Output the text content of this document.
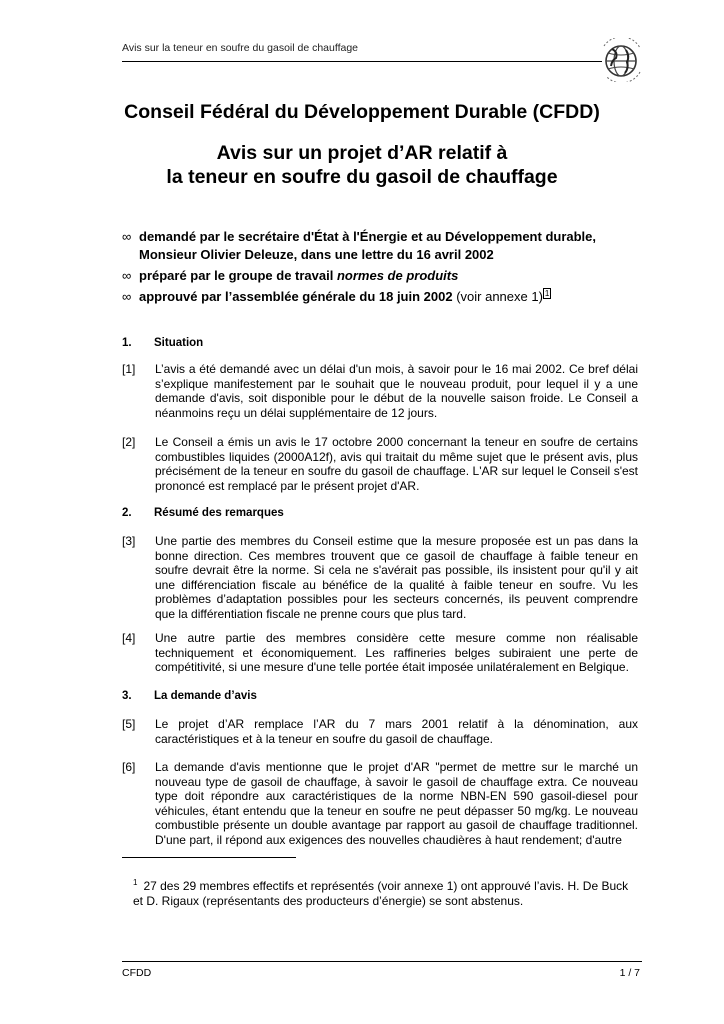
Avis sur la teneur en soufre du gasoil de chauffage
Conseil Fédéral du Développement Durable (CFDD)
Avis sur un projet d’AR relatif à
la teneur en soufre du gasoil de chauffage
∞ demandé par le secrétaire d'État à l'Énergie et au Développement durable,
Monsieur Olivier Deleuze, dans une lettre du 16 avril 2002
∞ préparé par le groupe de travail normes de produits
∞ approuvé par l’assemblée générale du 18 juin 2002 (voir annexe 1) 1
1. Situation
[1] L’avis a été demandé avec un délai d'un mois, à savoir pour le 16 mai 2002. Ce bref délai s’explique manifestement par le souhait que le nouveau produit, pour lequel il y a une demande d'avis, soit disponible pour le début de la nouvelle saison froide. Le Conseil a néanmoins reçu un délai supplémentaire de 12 jours.
[2] Le Conseil a émis un avis le 17 octobre 2000 concernant la teneur en soufre de certains combustibles liquides (2000A12f), avis qui traitait du même sujet que le présent avis, plus précisément de la teneur en soufre du gasoil de chauffage. L'AR sur lequel le Conseil s'est prononcé est remplacé par le présent projet d'AR.
2. Résumé des remarques
[3] Une partie des membres du Conseil estime que la mesure proposée est un pas dans la bonne direction. Ces membres trouvent que ce gasoil de chauffage à faible teneur en soufre devrait être la norme. Si cela ne s'avérait pas possible, ils insistent pour qu'il y ait une différenciation fiscale au bénéfice de la qualité à faible teneur en soufre. Vu les problèmes d’adaptation possibles pour les secteurs concernés, ils peuvent comprendre que la différentiation fiscale ne prenne cours que plus tard.
[4] Une autre partie des membres considère cette mesure comme non réalisable techniquement et économiquement. Les raffineries belges subiraient une perte de compétitivité, si une mesure d'une telle portée était imposée unilatéralement en Belgique.
3. La demande d’avis
[5] Le projet d’AR remplace l’AR du 7 mars 2001 relatif à la dénomination, aux caractéristiques et à la teneur en soufre du gasoil de chauffage.
[6] La demande d'avis mentionne que le projet d'AR "permet de mettre sur le marché un nouveau type de gasoil de chauffage, à savoir le gasoil de chauffage extra. Ce nouveau type doit répondre aux caractéristiques de la norme NBN-EN 590 gasoil-diesel pour véhicules, étant entendu que la teneur en soufre ne peut dépasser 50 mg/kg. Le nouveau combustible présente un double avantage par rapport au gasoil de chauffage traditionnel. D'une part, il répond aux exigences des nouvelles chaudières à haut rendement; d'autre
$^1$ 27 des 29 membres effectifs et représentés (voir annexe 1) ont approuvé l’avis. H. De Buck et D. Rigaux (représentants des producteurs d’énergie) se sont abstenus.
CFDD	1 / 7
